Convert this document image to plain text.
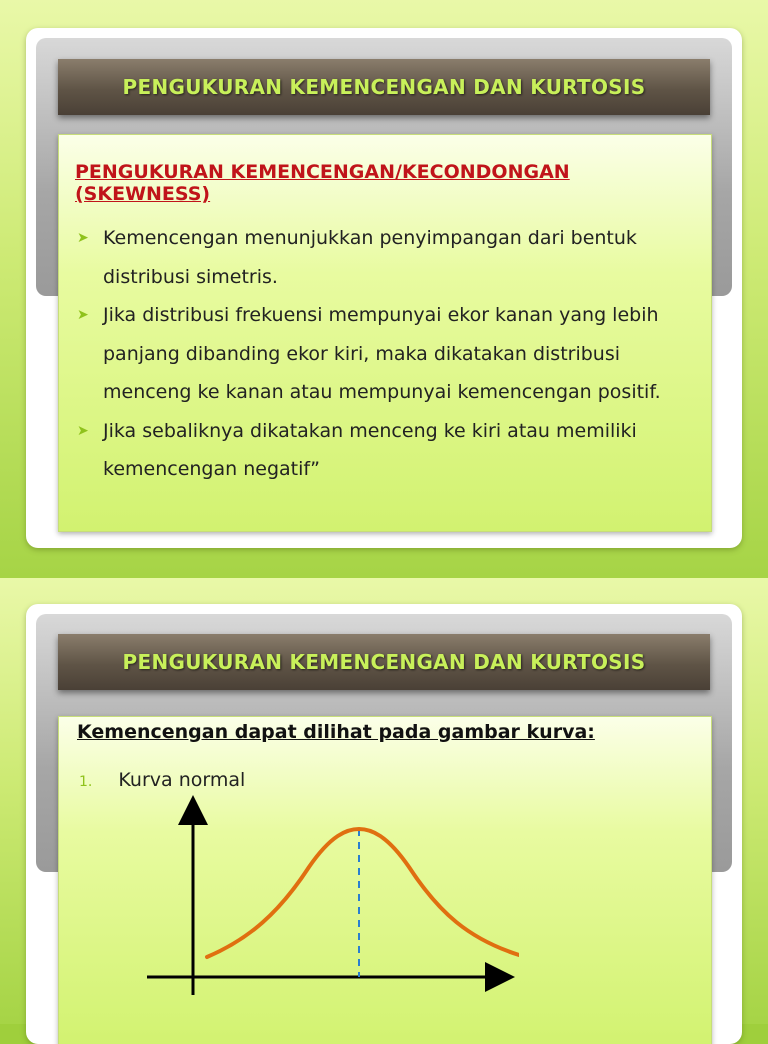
PENGUKURAN KEMENCENGAN DAN KURTOSIS
PENGUKURAN KEMENCENGAN/KECONDONGAN (SKEWNESS)
➤ Kemencengan menunjukkan penyimpangan dari bentuk distribusi simetris.
➤ Jika distribusi frekuensi mempunyai ekor kanan yang lebih panjang dibanding ekor kiri, maka dikatakan distribusi menceng ke kanan atau mempunyai kemencengan positif.
➤ Jika sebaliknya dikatakan menceng ke kiri atau memiliki kemencengan negatif”
PENGUKURAN KEMENCENGAN DAN KURTOSIS
Kemencengan dapat dilihat pada gambar kurva:
1. Kurva normal
